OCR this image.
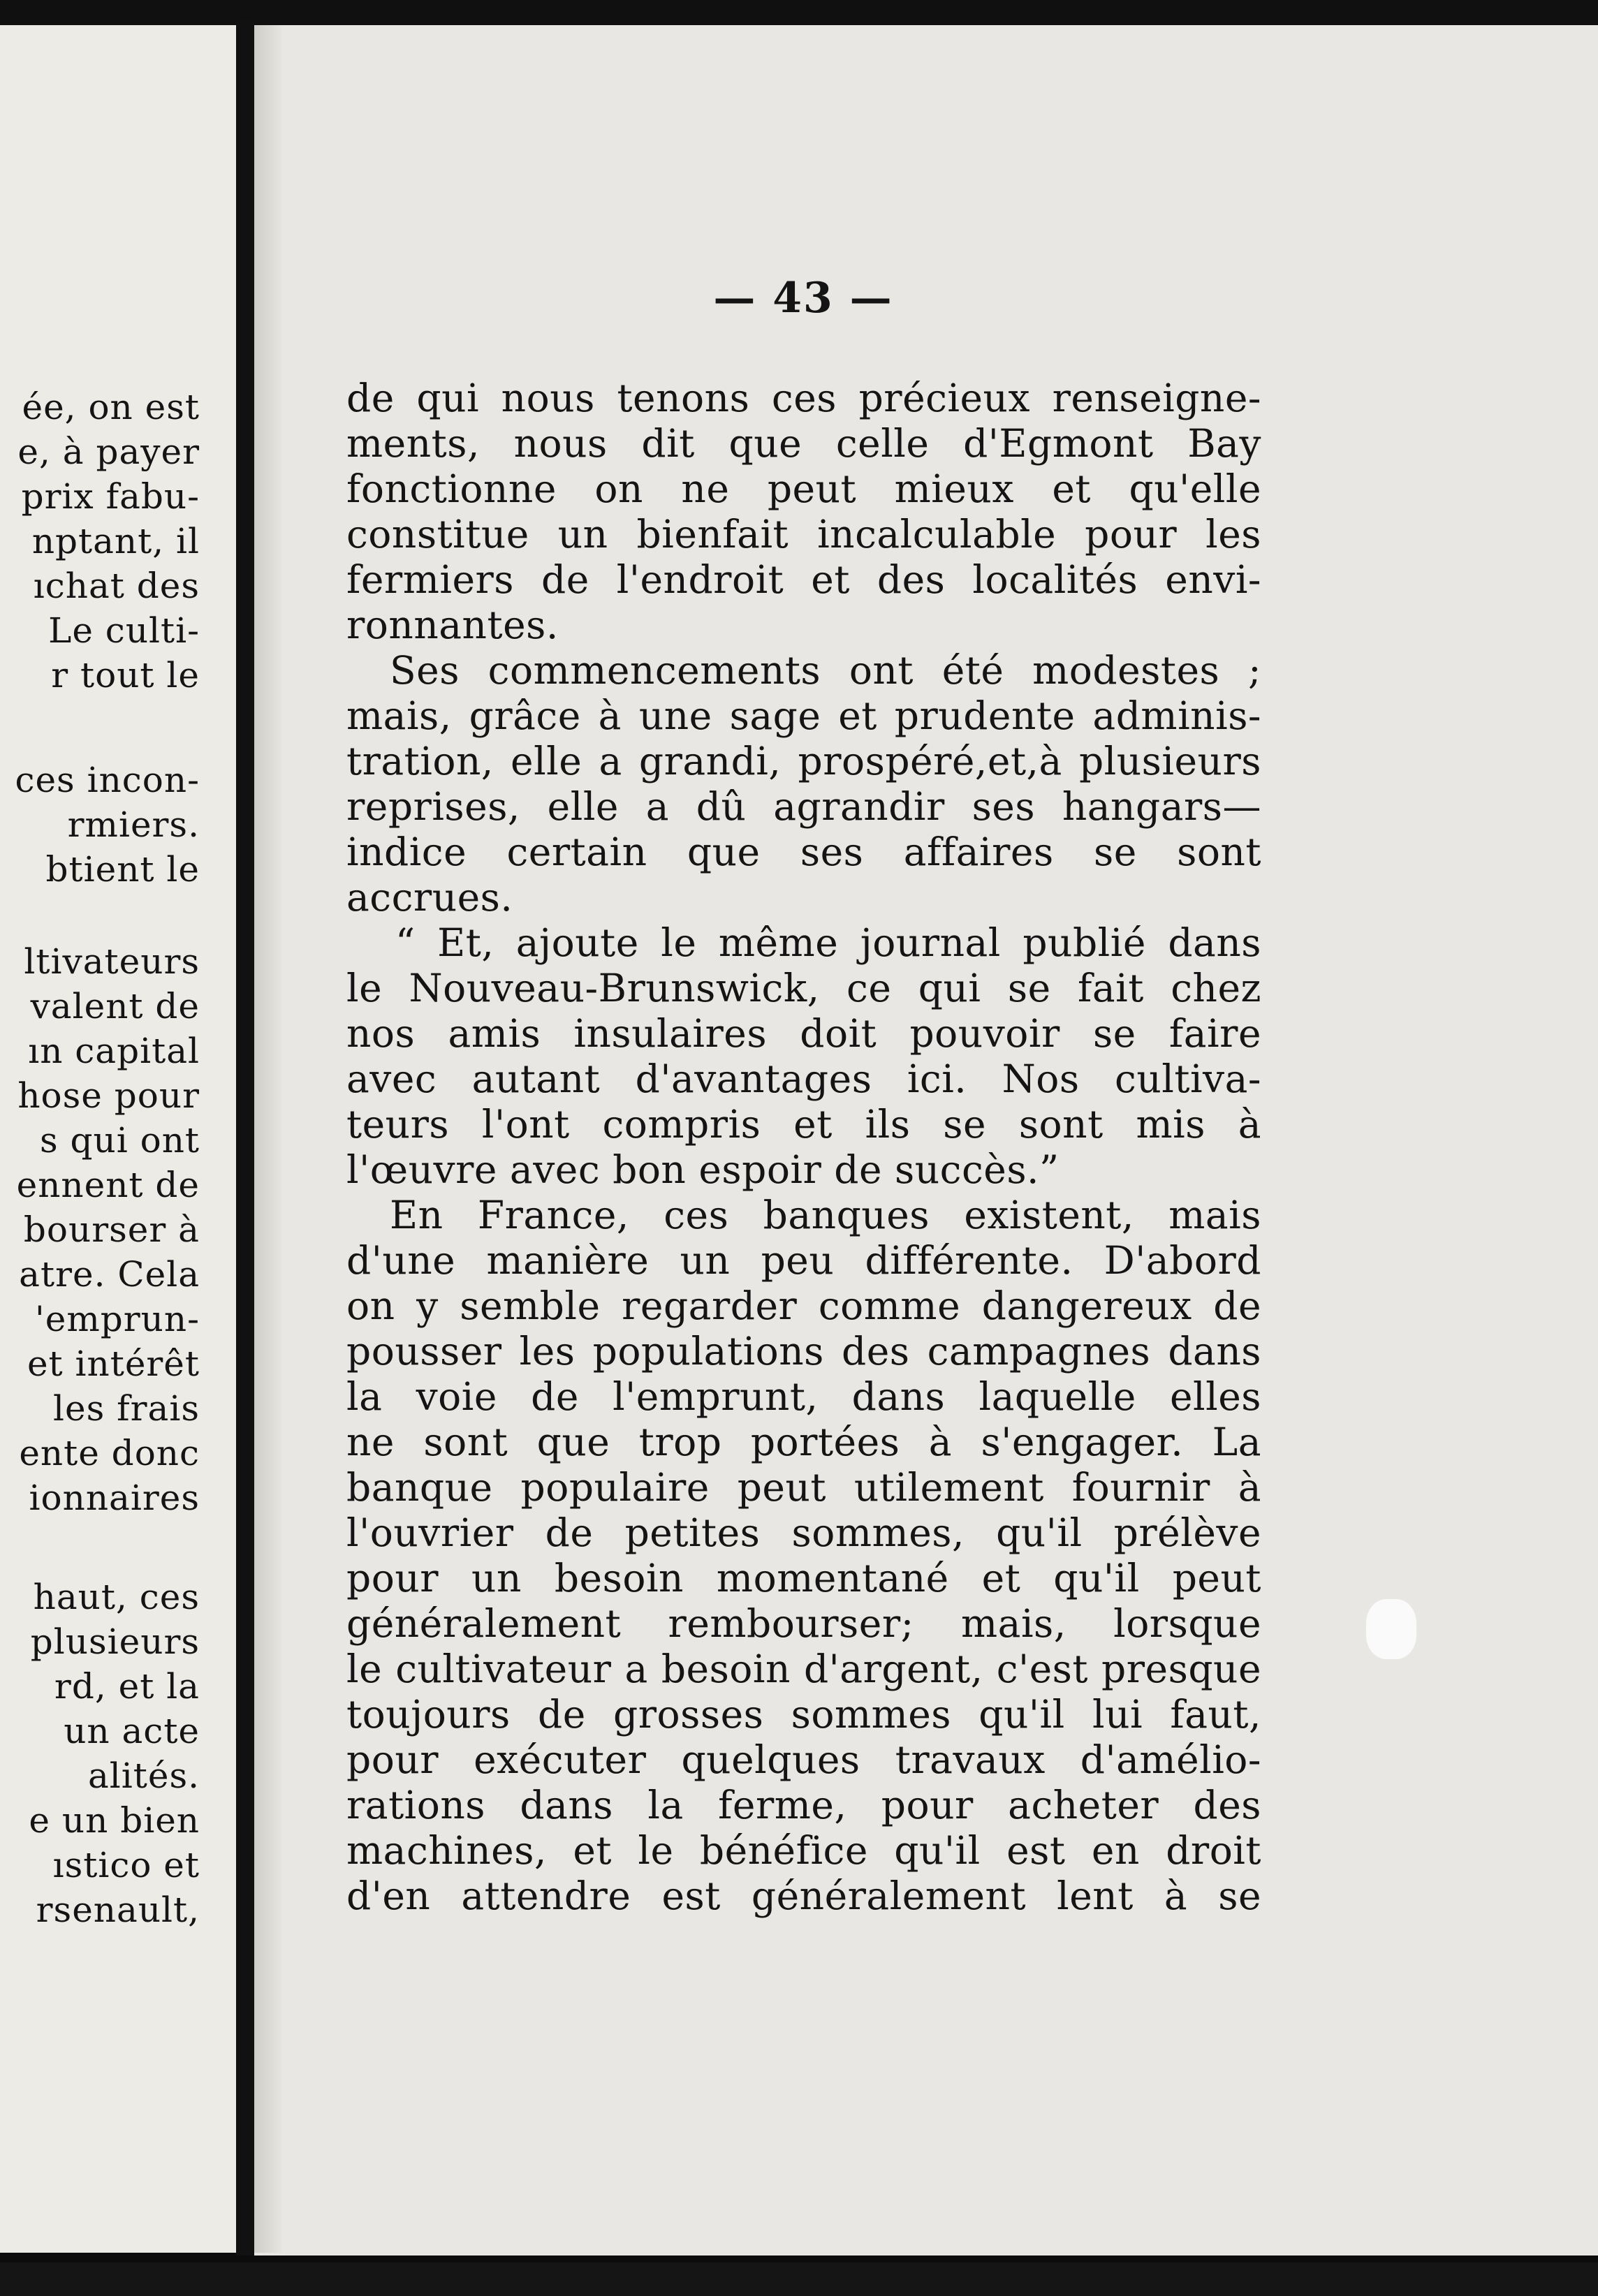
ée, on est
e, à payer
prix fabu-
nptant, il
ıchat des
Le culti-
r tout le
ces incon-
rmiers.
btient le
ltivateurs
valent de
ın capital
hose pour
s qui ont
ennent de
bourser à
atre. Cela
'emprun-
et intérêt
les frais
ente donc
ionnaires
haut, ces
plusieurs
rd, et la
un acte
alités.
e un bien
ıstico et
rsenault,
— 43 —
de qui nous tenons ces précieux renseigne-
ments, nous dit que celle d'Egmont Bay
fonctionne on ne peut mieux et qu'elle
constitue un bienfait incalculable pour les
fermiers de l'endroit et des localités envi-
ronnantes.
Ses commencements ont été modestes ;
mais, grâce à une sage et prudente adminis-
tration, elle a grandi, prospéré,et,à plusieurs
reprises, elle a dû agrandir ses hangars—
indice certain que ses affaires se sont
accrues.
“ Et, ajoute le même journal publié dans
le Nouveau-Brunswick, ce qui se fait chez
nos amis insulaires doit pouvoir se faire
avec autant d'avantages ici. Nos cultiva-
teurs l'ont compris et ils se sont mis à
l'œuvre avec bon espoir de succès.”
En France, ces banques existent, mais
d'une manière un peu différente. D'abord
on y semble regarder comme dangereux de
pousser les populations des campagnes dans
la voie de l'emprunt, dans laquelle elles
ne sont que trop portées à s'engager. La
banque populaire peut utilement fournir à
l'ouvrier de petites sommes, qu'il prélève
pour un besoin momentané et qu'il peut
généralement rembourser; mais, lorsque
le cultivateur a besoin d'argent, c'est presque
toujours de grosses sommes qu'il lui faut,
pour exécuter quelques travaux d'amélio-
rations dans la ferme, pour acheter des
machines, et le bénéfice qu'il est en droit
d'en attendre est généralement lent à se
